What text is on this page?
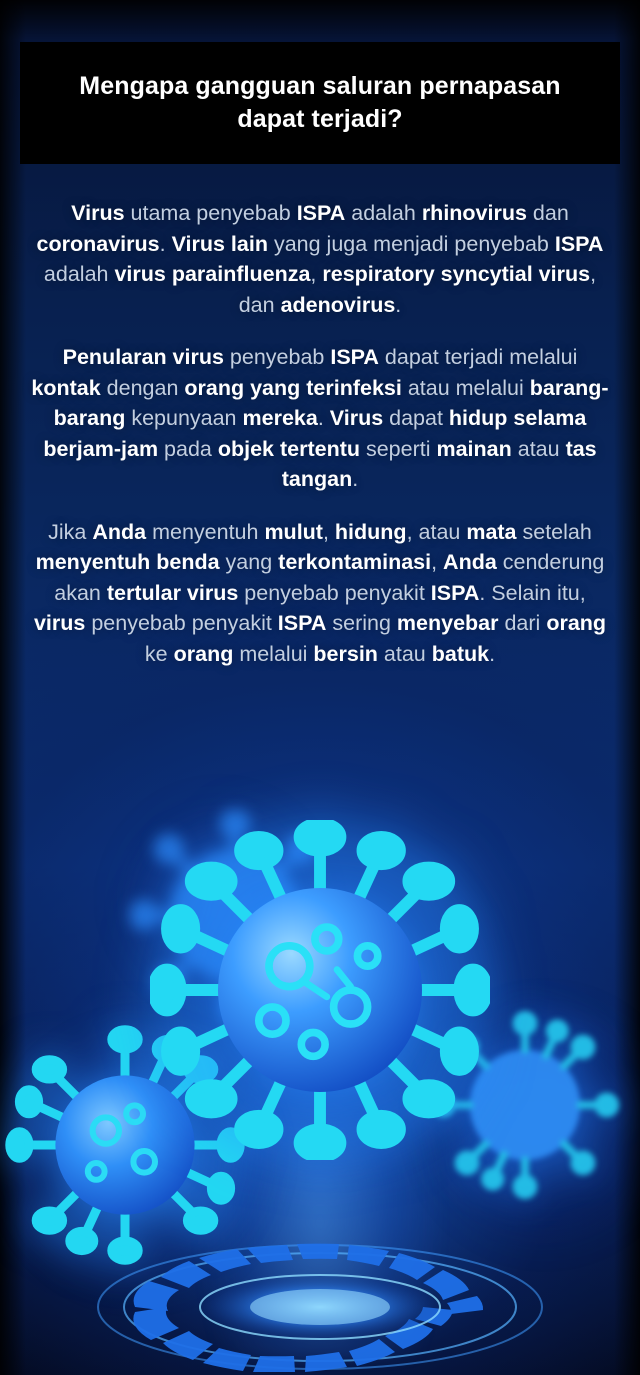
Mengapa gangguan saluran pernapasan
dapat terjadi?

Virus utama penyebab ISPA adalah rhinovirus dan coronavirus. Virus lain yang juga menjadi penyebab ISPA adalah virus parainfluenza, respiratory syncytial virus, dan adenovirus.

Penularan virus penyebab ISPA dapat terjadi melalui kontak dengan orang yang terinfeksi atau melalui barang-barang kepunyaan mereka. Virus dapat hidup selama berjam-jam pada objek tertentu seperti mainan atau tas tangan.

Jika Anda menyentuh mulut, hidung, atau mata setelah menyentuh benda yang terkontaminasi, Anda cenderung akan tertular virus penyebab penyakit ISPA. Selain itu, virus penyebab penyakit ISPA sering menyebar dari orang ke orang melalui bersin atau batuk.
